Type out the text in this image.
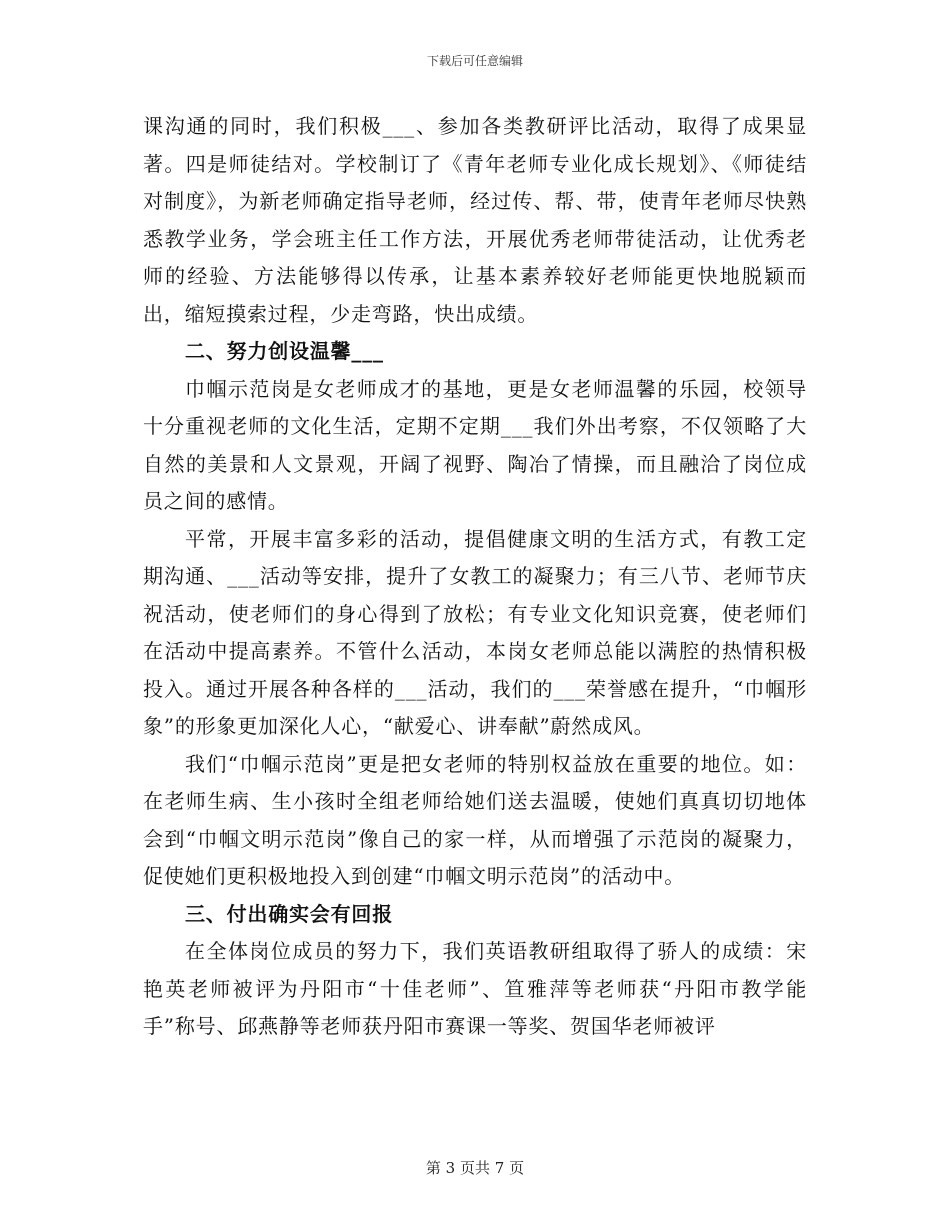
下载后可任意编辑

课沟通的同时，我们积极___、参加各类教研评比活动，取得了成果显著。四是师徒结对。学校制订了《青年老师专业化成长规划》、《师徒结对制度》，为新老师确定指导老师，经过传、帮、带，使青年老师尽快熟悉教学业务，学会班主任工作方法，开展优秀老师带徒活动，让优秀老师的经验、方法能够得以传承，让基本素养较好老师能更快地脱颖而出，缩短摸索过程，少走弯路，快出成绩。

二、努力创设温馨___

巾帼示范岗是女老师成才的基地，更是女老师温馨的乐园，校领导十分重视老师的文化生活，定期不定期___我们外出考察，不仅领略了大自然的美景和人文景观，开阔了视野、陶冶了情操，而且融洽了岗位成员之间的感情。

平常，开展丰富多彩的活动，提倡健康文明的生活方式，有教工定期沟通、___活动等安排，提升了女教工的凝聚力；有三八节、老师节庆祝活动，使老师们的身心得到了放松；有专业文化知识竞赛，使老师们在活动中提高素养。不管什么活动，本岗女老师总能以满腔的热情积极投入。通过开展各种各样的___活动，我们的___荣誉感在提升，“巾帼形象”的形象更加深化人心，“献爱心、讲奉献”蔚然成风。

我们“巾帼示范岗”更是把女老师的特别权益放在重要的地位。如：在老师生病、生小孩时全组老师给她们送去温暖，使她们真真切切地体会到“巾帼文明示范岗”像自己的家一样，从而增强了示范岗的凝聚力，促使她们更积极地投入到创建“巾帼文明示范岗”的活动中。

三、付出确实会有回报

在全体岗位成员的努力下，我们英语教研组取得了骄人的成绩：宋艳英老师被评为丹阳市“十佳老师”、笪雅萍等老师获“丹阳市教学能手”称号、邱燕静等老师获丹阳市赛课一等奖、贺国华老师被评

第 3 页共 7 页
